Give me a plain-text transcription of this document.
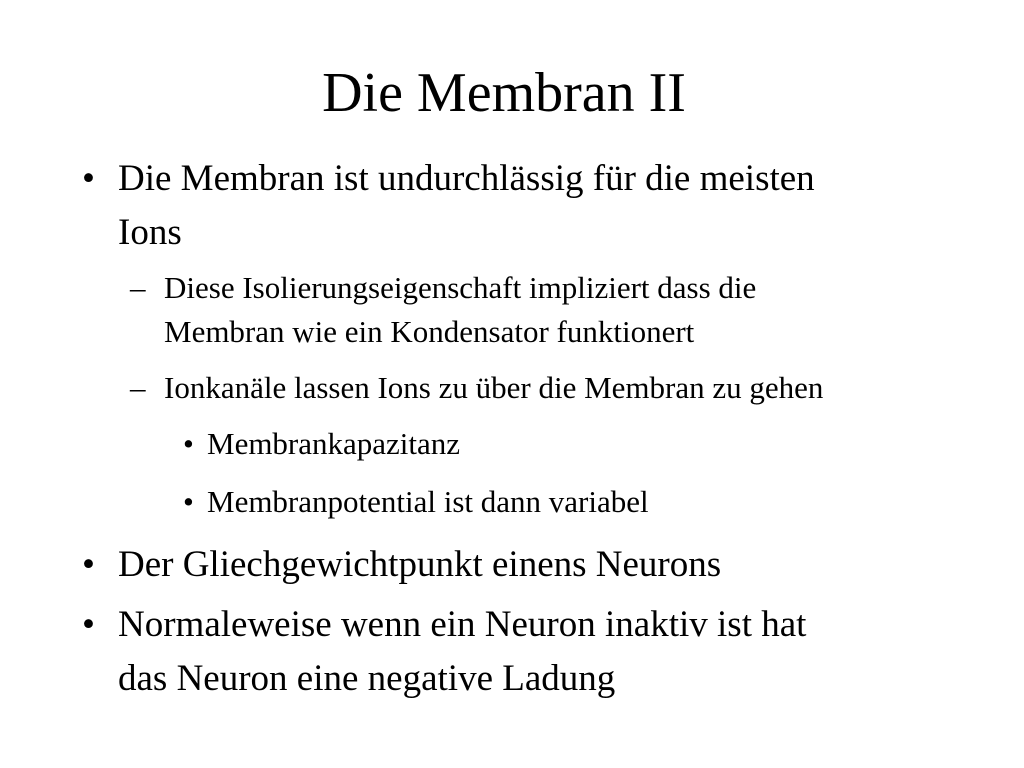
Die Membran II
• Die Membran ist undurchlässig für die meisten
Ions
– Diese Isolierungseigenschaft impliziert dass die
Membran wie ein Kondensator funktionert
– Ionkanäle lassen Ions zu über die Membran zu gehen
• Membrankapazitanz
• Membranpotential ist dann variabel
• Der Gliechgewichtpunkt einens Neurons
• Normaleweise wenn ein Neuron inaktiv ist hat
das Neuron eine negative Ladung
